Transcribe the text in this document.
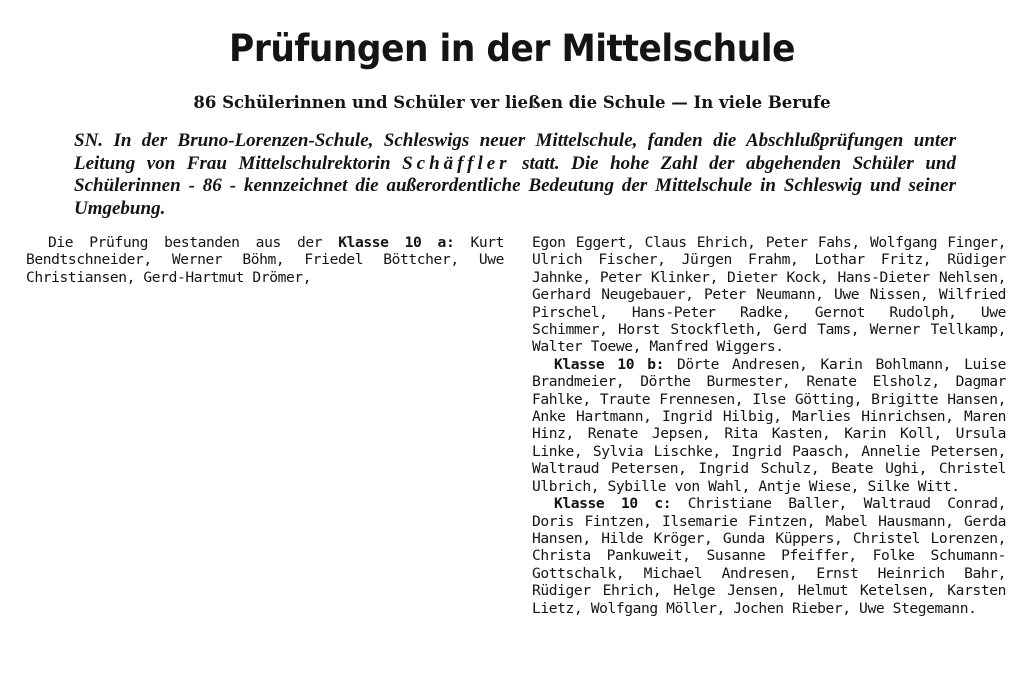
Prüfungen in der Mittelschule
86 Schülerinnen und Schüler ver ließen die Schule — In viele Berufe

SN. In der Bruno-Lorenzen-Schule, Schleswigs neuer Mittelschule, fanden die Abschlußprüfungen unter Leitung von Frau Mittelschulrektorin Schäffler statt. Die hohe Zahl der abgehenden Schüler und Schülerinnen - 86 - kennzeichnet die außerordentliche Bedeutung der Mittelschule in Schleswig und seiner Umgebung.

Die Prüfung bestanden aus der Klasse 10 a: Kurt Bendtschneider, Werner Böhm, Friedel Böttcher, Uwe Christiansen, Gerd-Hartmut Drömer,

Egon Eggert, Claus Ehrich, Peter Fahs, Wolfgang Finger, Ulrich Fischer, Jürgen Frahm, Lothar Fritz, Rüdiger Jahnke, Peter Klinker, Dieter Kock, Hans-Dieter Nehlsen, Gerhard Neugebauer, Peter Neumann, Uwe Nissen, Wilfried Pirschel, Hans-Peter Radke, Gernot Rudolph, Uwe Schimmer, Horst Stockfleth, Gerd Tams, Werner Tellkamp, Walter Toewe, Manfred Wiggers.

Klasse 10 b: Dörte Andresen, Karin Bohlmann, Luise Brandmeier, Dörthe Burmester, Renate Elsholz, Dagmar Fahlke, Traute Frennesen, Ilse Götting, Brigitte Hansen, Anke Hartmann, Ingrid Hilbig, Marlies Hinrichsen, Maren Hinz, Renate Jepsen, Rita Kasten, Karin Koll, Ursula Linke, Sylvia Lischke, Ingrid Paasch, Annelie Petersen, Waltraud Petersen, Ingrid Schulz, Beate Ughi, Christel Ulbrich, Sybille von Wahl, Antje Wiese, Silke Witt.

Klasse 10 c: Christiane Baller, Waltraud Conrad, Doris Fintzen, Ilsemarie Fintzen, Mabel Hausmann, Gerda Hansen, Hilde Kröger, Gunda Küppers, Christel Lorenzen, Christa Pankuweit, Susanne Pfeiffer, Folke Schumann-Gottschalk, Michael Andresen, Ernst Heinrich Bahr, Rüdiger Ehrich, Helge Jensen, Helmut Ketelsen, Karsten Lietz, Wolfgang Möller, Jochen Rieber, Uwe Stegemann.
